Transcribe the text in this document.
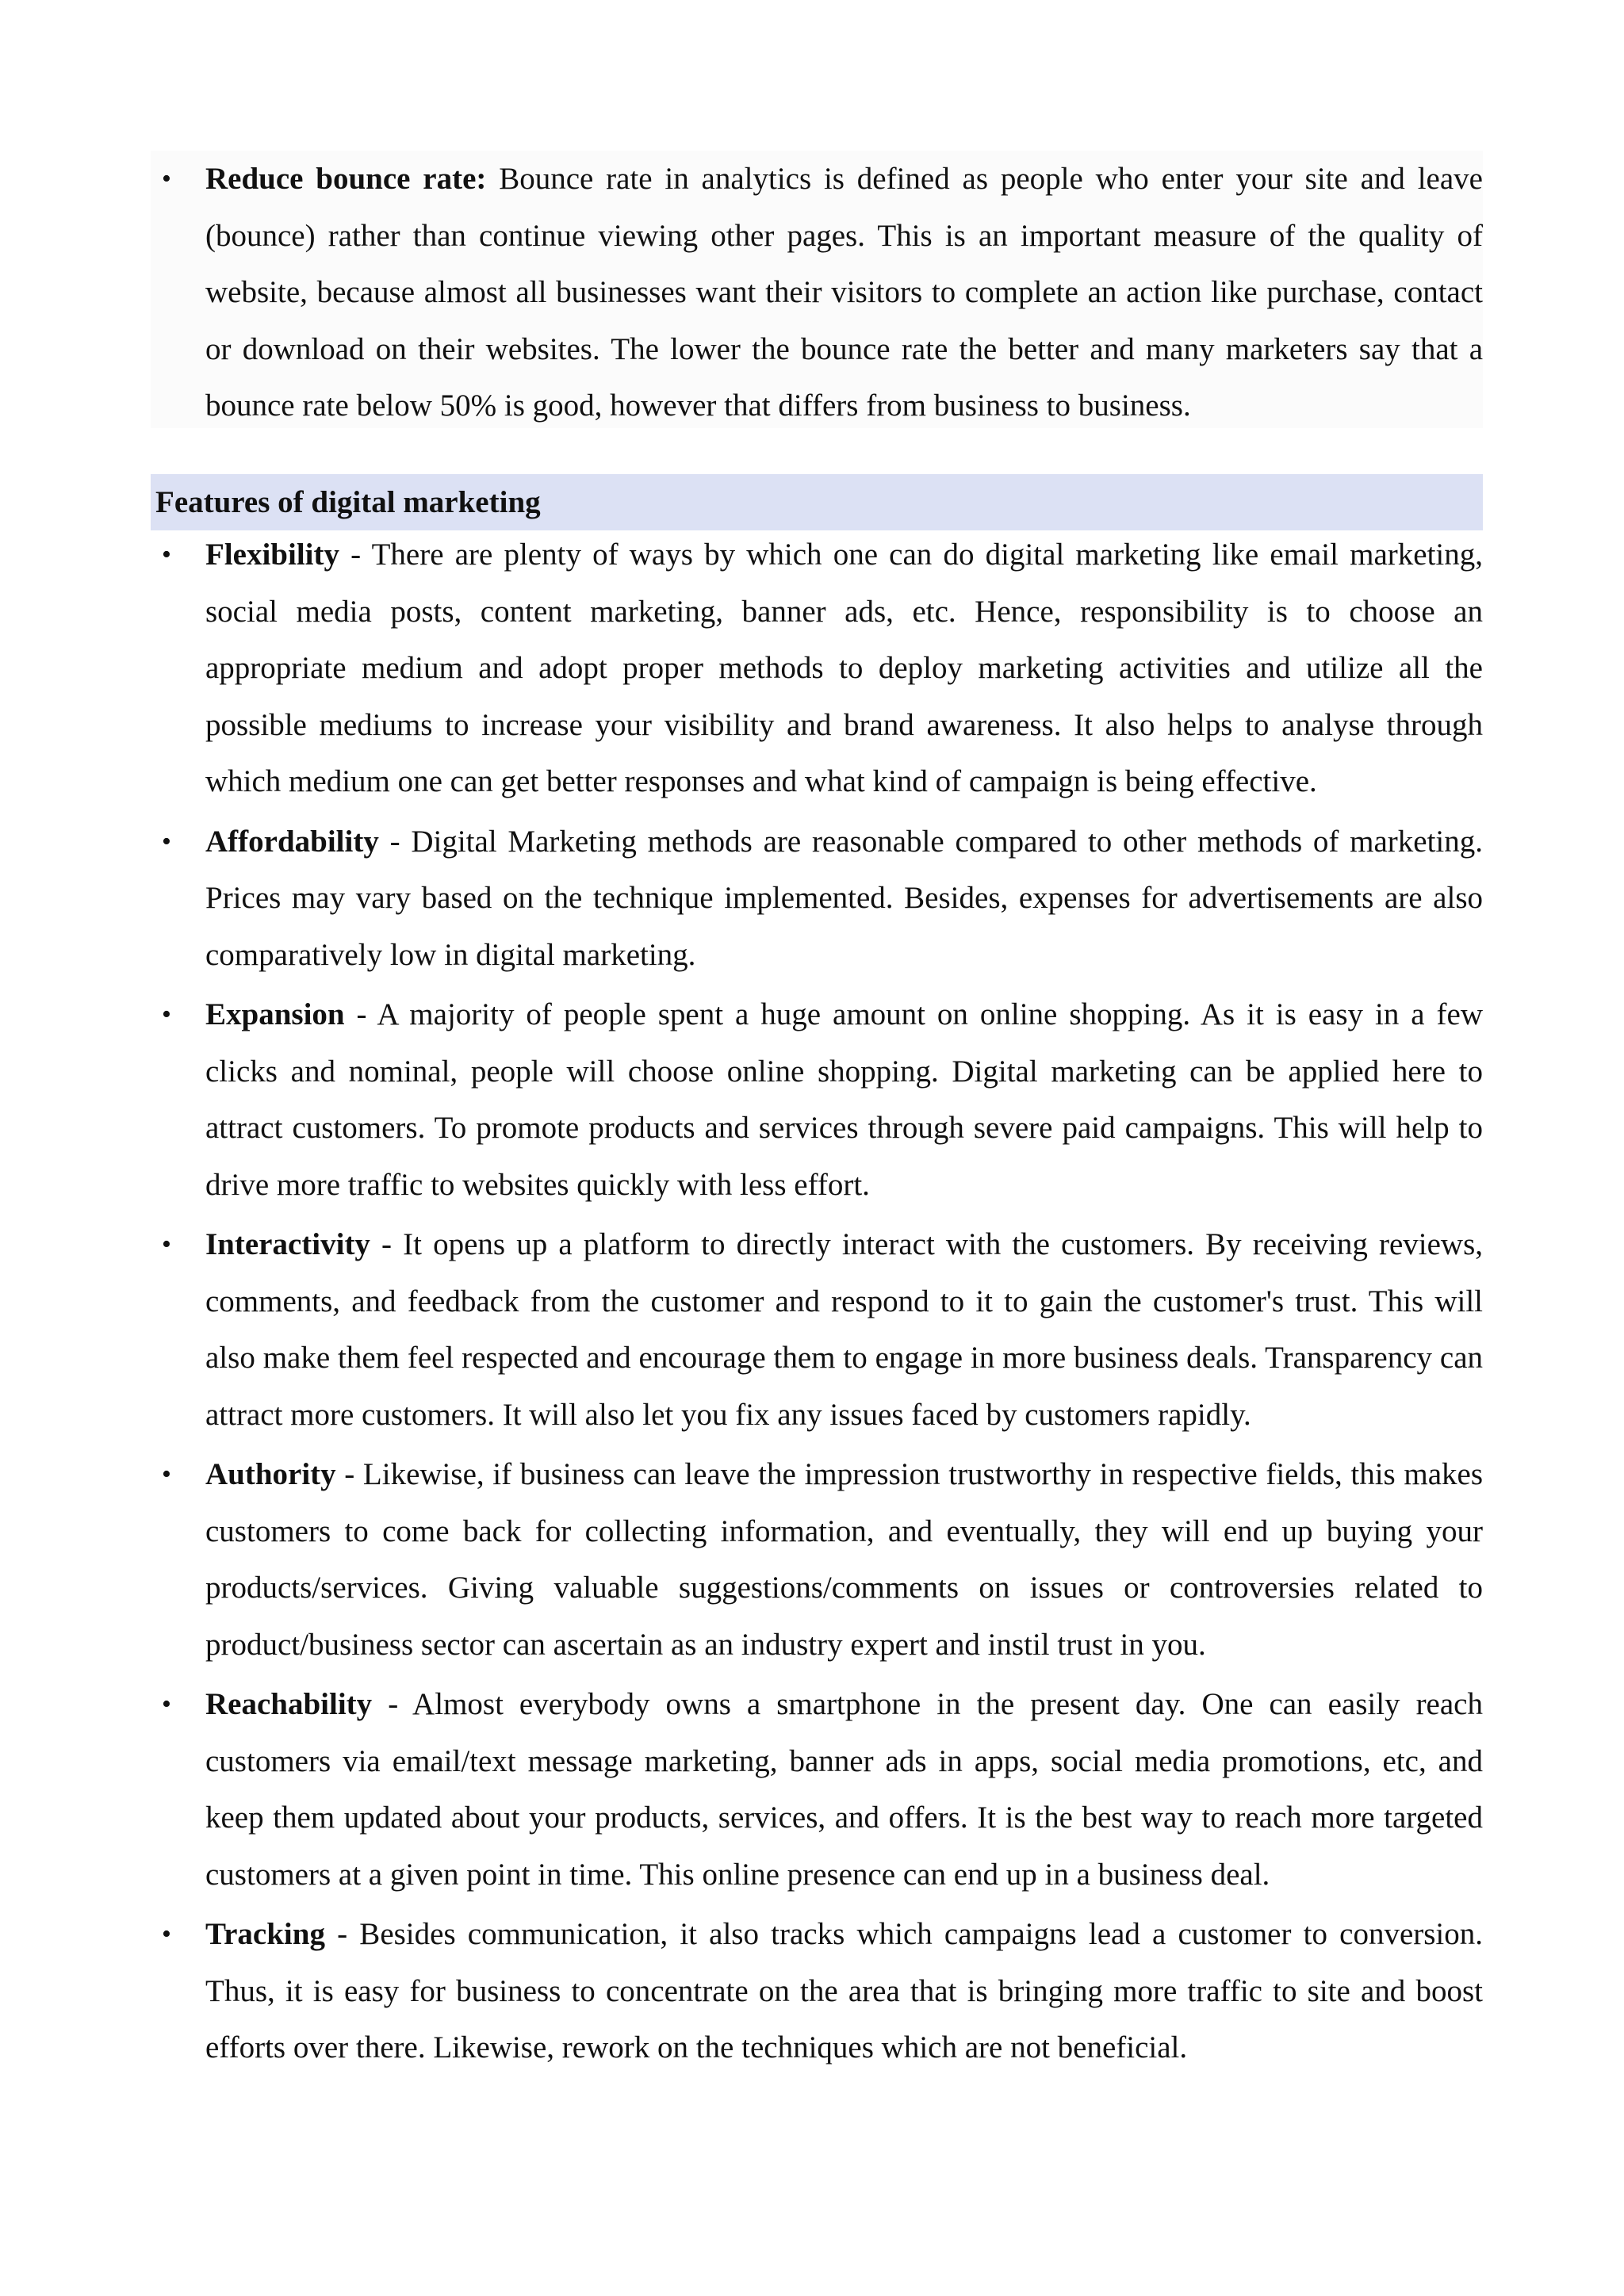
• Reduce bounce rate: Bounce rate in analytics is defined as people who enter your site and leave (bounce) rather than continue viewing other pages. This is an important measure of the quality of website, because almost all businesses want their visitors to complete an action like purchase, contact or download on their websites. The lower the bounce rate the better and many marketers say that a bounce rate below 50% is good, however that differs from business to business.
Features of digital marketing
• Flexibility - There are plenty of ways by which one can do digital marketing like email marketing, social media posts, content marketing, banner ads, etc. Hence, responsibility is to choose an appropriate medium and adopt proper methods to deploy marketing activities and utilize all the possible mediums to increase your visibility and brand awareness. It also helps to analyse through which medium one can get better responses and what kind of campaign is being effective.
• Affordability - Digital Marketing methods are reasonable compared to other methods of marketing. Prices may vary based on the technique implemented. Besides, expenses for advertisements are also comparatively low in digital marketing.
• Expansion - A majority of people spent a huge amount on online shopping. As it is easy in a few clicks and nominal, people will choose online shopping. Digital marketing can be applied here to attract customers. To promote products and services through severe paid campaigns. This will help to drive more traffic to websites quickly with less effort.
• Interactivity - It opens up a platform to directly interact with the customers. By receiving reviews, comments, and feedback from the customer and respond to it to gain the customer's trust. This will also make them feel respected and encourage them to engage in more business deals. Transparency can attract more customers. It will also let you fix any issues faced by customers rapidly.
• Authority - Likewise, if business can leave the impression trustworthy in respective fields, this makes customers to come back for collecting information, and eventually, they will end up buying your products/services. Giving valuable suggestions/comments on issues or controversies related to product/business sector can ascertain as an industry expert and instil trust in you.
• Reachability - Almost everybody owns a smartphone in the present day. One can easily reach customers via email/text message marketing, banner ads in apps, social media promotions, etc, and keep them updated about your products, services, and offers. It is the best way to reach more targeted customers at a given point in time. This online presence can end up in a business deal.
• Tracking - Besides communication, it also tracks which campaigns lead a customer to conversion. Thus, it is easy for business to concentrate on the area that is bringing more traffic to site and boost efforts over there. Likewise, rework on the techniques which are not beneficial.
